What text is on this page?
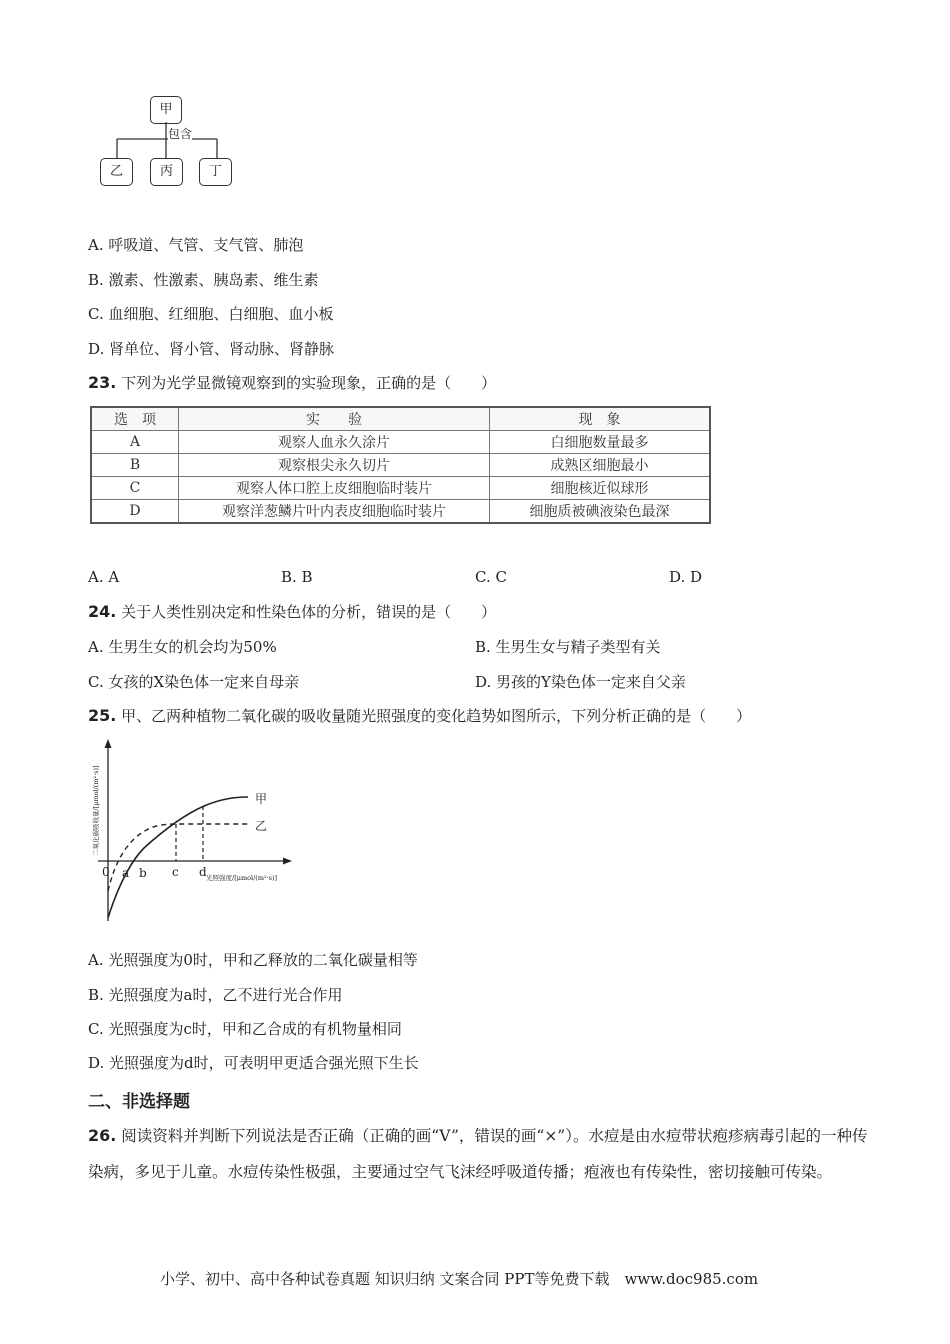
甲
包含
乙	丙	丁
A. 呼吸道、气管、支气管、肺泡
B. 激素、性激素、胰岛素、维生素
C. 血细胞、红细胞、白细胞、血小板
D. 肾单位、肾小管、肾动脉、肾静脉
23. 下列为光学显微镜观察到的实验现象，正确的是（　　）
选　项	实　　验	现　象
A	观察人血永久涂片	白细胞数量最多
B	观察根尖永久切片	成熟区细胞最小
C	观察人体口腔上皮细胞临时装片	细胞核近似球形
D	观察洋葱鳞片叶内表皮细胞临时装片	细胞质被碘液染色最深
A. A	B. B	C. C	D. D
24. 关于人类性别决定和性染色体的分析，错误的是（　　）
A. 生男生女的机会均为50%	B. 生男生女与精子类型有关
C. 女孩的X染色体一定来自母亲	D. 男孩的Y染色体一定来自父亲
25. 甲、乙两种植物二氧化碳的吸收量随光照强度的变化趋势如图所示，下列分析正确的是（　　）
0 a b c d
甲
乙
光照强度/[μmol/(m²·s)]
二氧化碳吸收量/[μmol/(m²·s)]
A. 光照强度为0时，甲和乙释放的二氧化碳量相等
B. 光照强度为a时，乙不进行光合作用
C. 光照强度为c时，甲和乙合成的有机物量相同
D. 光照强度为d时，可表明甲更适合强光照下生长
二、非选择题
26. 阅读资料并判断下列说法是否正确（正确的画“V”，错误的画“×”）。水痘是由水痘带状疱疹病毒引起的一种传染病，多见于儿童。水痘传染性极强，主要通过空气飞沫经呼吸道传播；疱液也有传染性，密切接触可传染。
小学、初中、高中各种试卷真题 知识归纳 文案合同 PPT等免费下载　www.doc985.com
